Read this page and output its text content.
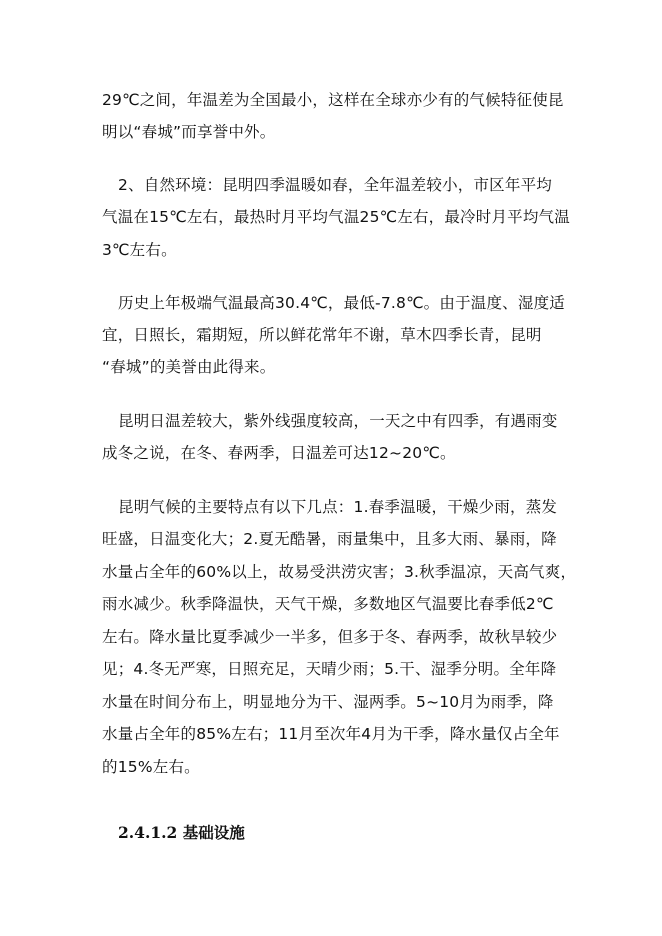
29℃之间，年温差为全国最小，这样在全球亦少有的气候特征使昆
明以“春城”而享誉中外。
2、自然环境：昆明四季温暖如春，全年温差较小，市区年平均
气温在15℃左右，最热时月平均气温25℃左右，最冷时月平均气温
3℃左右。
历史上年极端气温最高30.4℃，最低-7.8℃。由于温度、湿度适
宜，日照长，霜期短，所以鲜花常年不谢，草木四季长青，昆明
“春城”的美誉由此得来。
昆明日温差较大，紫外线强度较高，一天之中有四季，有遇雨变
成冬之说，在冬、春两季，日温差可达12~20℃。
昆明气候的主要特点有以下几点：1.春季温暖，干燥少雨，蒸发
旺盛，日温变化大；2.夏无酷暑，雨量集中，且多大雨、暴雨，降
水量占全年的60%以上，故易受洪涝灾害；3.秋季温凉，天高气爽，
雨水减少。秋季降温快，天气干燥，多数地区气温要比春季低2℃
左右。降水量比夏季减少一半多，但多于冬、春两季，故秋旱较少
见；4.冬无严寒，日照充足，天晴少雨；5.干、湿季分明。全年降
水量在时间分布上，明显地分为干、湿两季。5~10月为雨季，降
水量占全年的85%左右；11月至次年4月为干季，降水量仅占全年
的15%左右。
2.4.1.2 基础设施
